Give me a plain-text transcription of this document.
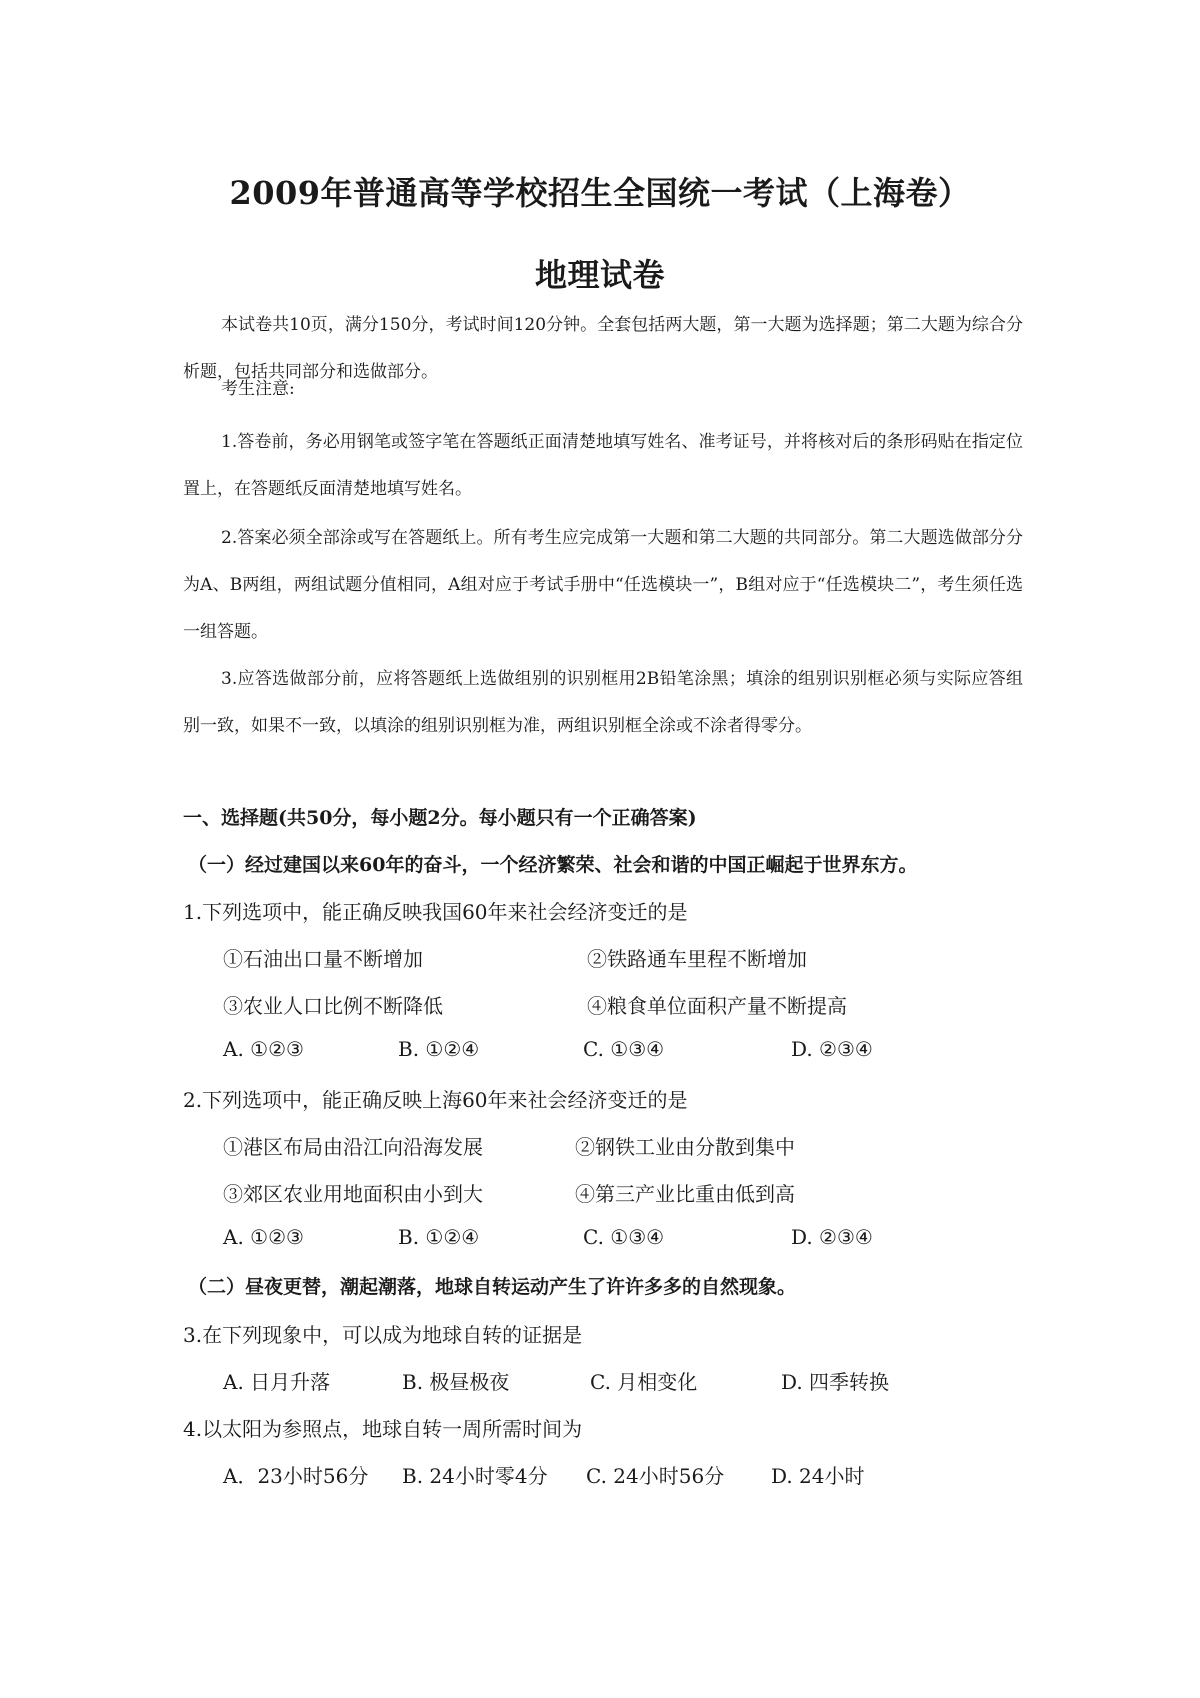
2009年普通高等学校招生全国统一考试（上海卷）
地理试卷
本试卷共10页，满分150分，考试时间120分钟。全套包括两大题，第一大题为选择题；第二大题为综合分析题，包括共同部分和选做部分。
考生注意:
1.答卷前，务必用钢笔或签字笔在答题纸正面清楚地填写姓名、准考证号，并将核对后的条形码贴在指定位置上，在答题纸反面清楚地填写姓名。
2.答案必须全部涂或写在答题纸上。所有考生应完成第一大题和第二大题的共同部分。第二大题选做部分分为A、B两组，两组试题分值相同，A组对应于考试手册中“任选模块一”，B组对应于“任选模块二”，考生须任选一组答题。
3.应答选做部分前，应将答题纸上选做组别的识别框用2B铅笔涂黑；填涂的组别识别框必须与实际应答组别一致，如果不一致，以填涂的组别识别框为准，两组识别框全涂或不涂者得零分。
一、选择题(共50分，每小题2分。每小题只有一个正确答案)
（一）经过建国以来60年的奋斗，一个经济繁荣、社会和谐的中国正崛起于世界东方。
1.下列选项中，能正确反映我国60年来社会经济变迁的是
①石油出口量不断增加	②铁路通车里程不断增加
③农业人口比例不断降低	④粮食单位面积产量不断提高
A. ①②③	B. ①②④	C. ①③④	D. ②③④
2.下列选项中，能正确反映上海60年来社会经济变迁的是
①港区布局由沿江向沿海发展	②钢铁工业由分散到集中
③郊区农业用地面积由小到大	④第三产业比重由低到高
A. ①②③	B. ①②④	C. ①③④	D. ②③④
（二）昼夜更替，潮起潮落，地球自转运动产生了许许多多的自然现象。
3.在下列现象中，可以成为地球自转的证据是
A. 日月升落	B. 极昼极夜	C. 月相变化	D. 四季转换
4.以太阳为参照点，地球自转一周所需时间为
A．23小时56分 B. 24小时零4分 C. 24小时56分 D. 24小时
